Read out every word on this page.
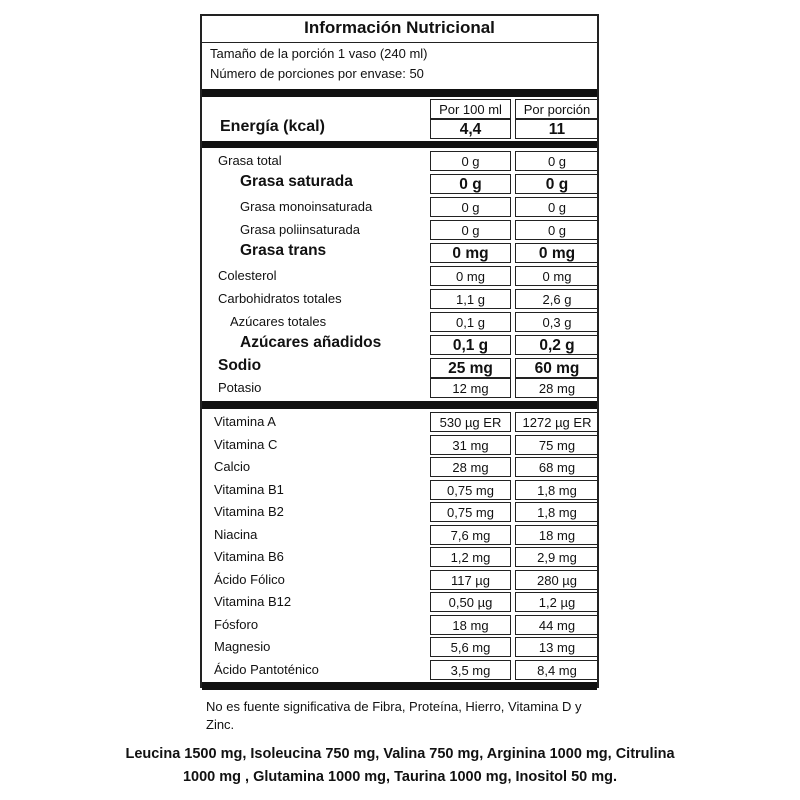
Información Nutricional
Tamaño de la porción 1 vaso (240 ml)
Número de porciones por envase: 50
Por 100 ml	Por porción
Energía (kcal)	4,4	11
Grasa total	0 g	0 g
Grasa saturada	0 g	0 g
Grasa monoinsaturada	0 g	0 g
Grasa poliinsaturada	0 g	0 g
Grasa trans	0 mg	0 mg
Colesterol	0 mg	0 mg
Carbohidratos totales	1,1 g	2,6 g
Azúcares totales	0,1 g	0,3 g
Azúcares añadidos	0,1 g	0,2 g
Sodio	25 mg	60 mg
Potasio	12 mg	28 mg
Vitamina A	530 µg ER	1272 µg ER
Vitamina C	31 mg	75 mg
Calcio	28 mg	68 mg
Vitamina B1	0,75 mg	1,8 mg
Vitamina B2	0,75 mg	1,8 mg
Niacina	7,6 mg	18 mg
Vitamina B6	1,2 mg	2,9 mg
Ácido Fólico	117 µg	280 µg
Vitamina B12	0,50 µg	1,2 µg
Fósforo	18 mg	44 mg
Magnesio	5,6 mg	13 mg
Ácido Pantoténico	3,5 mg	8,4 mg
No es fuente significativa de Fibra, Proteína, Hierro, Vitamina D y Zinc.
Leucina 1500 mg, Isoleucina 750 mg, Valina 750 mg, Arginina 1000 mg, Citrulina
1000 mg , Glutamina 1000 mg, Taurina 1000 mg, Inositol 50 mg.
